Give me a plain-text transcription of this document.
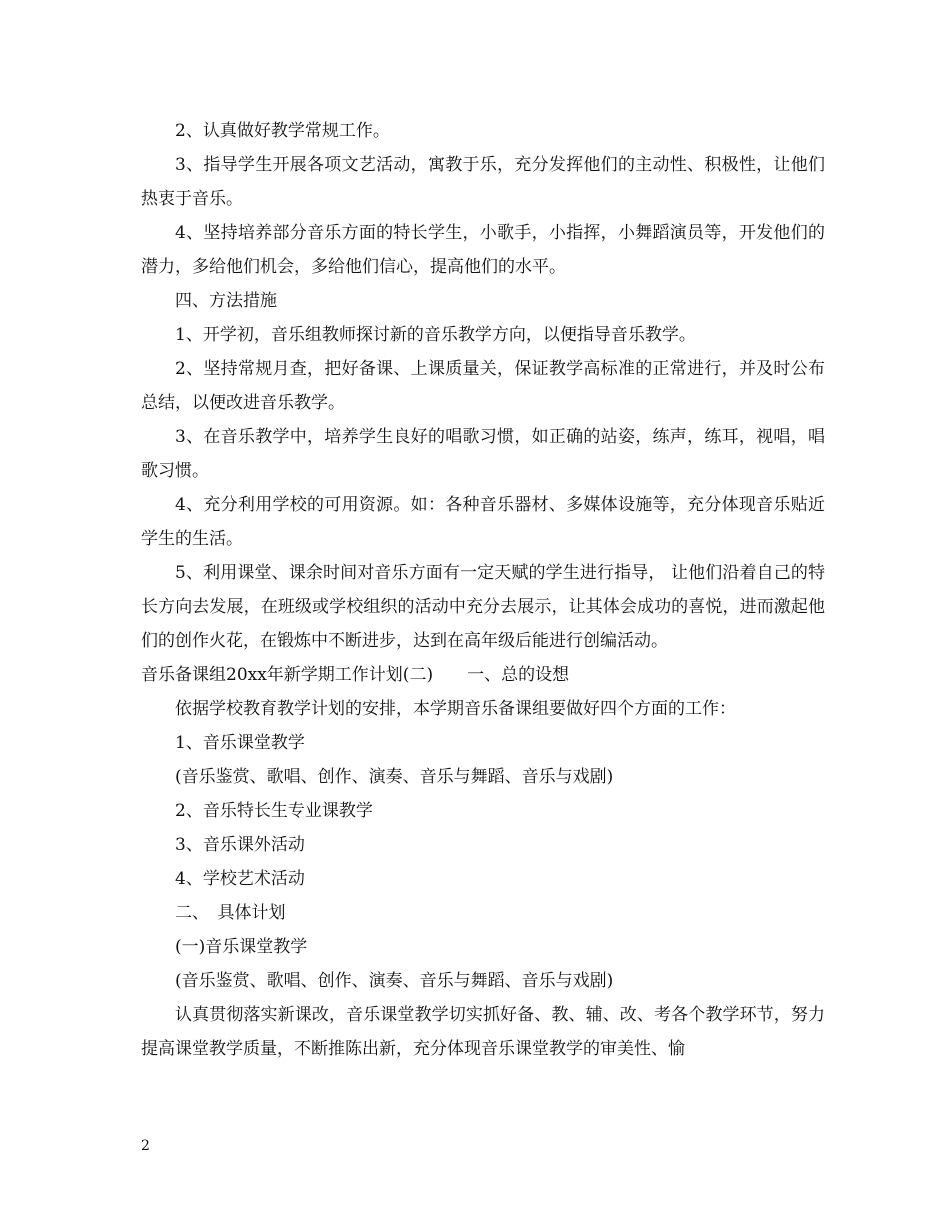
2、认真做好教学常规工作。

3、指导学生开展各项文艺活动，寓教于乐，充分发挥他们的主动性、积极性，让他们热衷于音乐。

4、坚持培养部分音乐方面的特长学生，小歌手，小指挥，小舞蹈演员等，开发他们的潜力，多给他们机会，多给他们信心，提高他们的水平。

四、方法措施

1、开学初，音乐组教师探讨新的音乐教学方向，以便指导音乐教学。

2、坚持常规月查，把好备课、上课质量关，保证教学高标准的正常进行，并及时公布总结，以便改进音乐教学。

3、在音乐教学中，培养学生良好的唱歌习惯，如正确的站姿，练声，练耳，视唱，唱歌习惯。

4、充分利用学校的可用资源。如：各种音乐器材、多媒体设施等，充分体现音乐贴近学生的生活。

5、利用课堂、课余时间对音乐方面有一定天赋的学生进行指导， 让他们沿着自己的特长方向去发展，在班级或学校组织的活动中充分去展示，让其体会成功的喜悦，进而激起他们的创作火花，在锻炼中不断进步，达到在高年级后能进行创编活动。

音乐备课组20xx年新学期工作计划(二)　　一、总的设想

依据学校教育教学计划的安排，本学期音乐备课组要做好四个方面的工作：

1、音乐课堂教学

(音乐鉴赏、歌唱、创作、演奏、音乐与舞蹈、音乐与戏剧)

2、音乐特长生专业课教学

3、音乐课外活动

4、学校艺术活动

二、　具体计划

(一)音乐课堂教学

(音乐鉴赏、歌唱、创作、演奏、音乐与舞蹈、音乐与戏剧)

认真贯彻落实新课改，音乐课堂教学切实抓好备、教、辅、改、考各个教学环节，努力提高课堂教学质量，不断推陈出新，充分体现音乐课堂教学的审美性、愉

2
